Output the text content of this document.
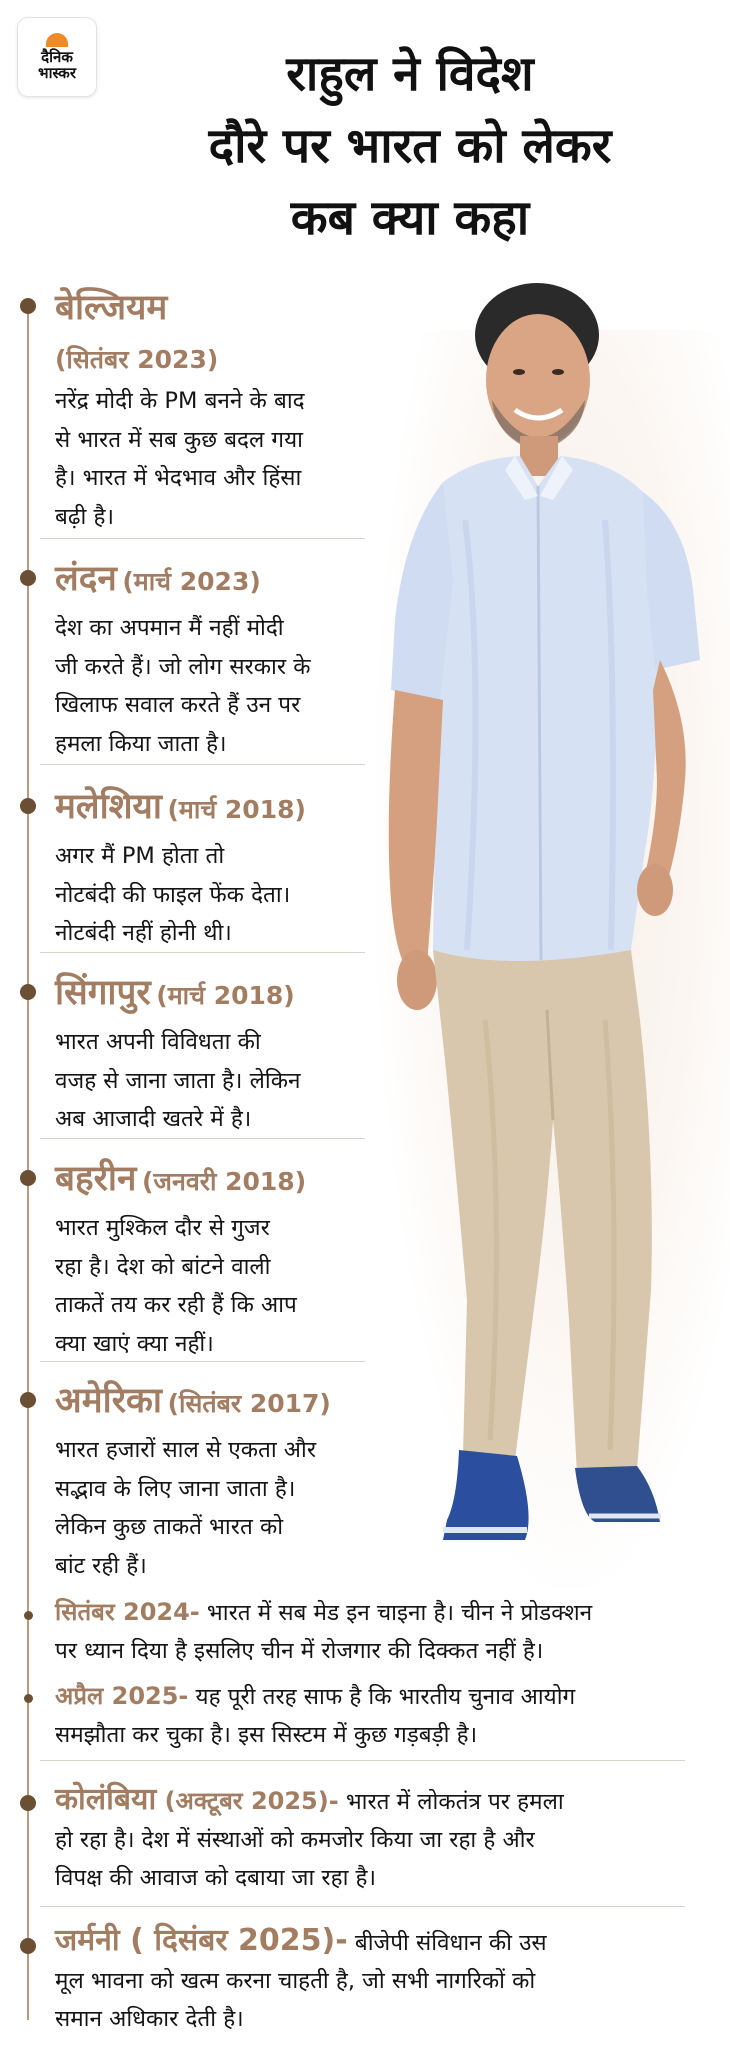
दैनिक
भास्कर	राहुल ने विदेश
दौरे पर भारत को लेकर
कब क्या कहा
बेल्जियम
(सितंबर 2023)
नरेंद्र मोदी के PM बनने के बाद
से भारत में सब कुछ बदल गया
है। भारत में भेदभाव और हिंसा
बढ़ी है।
लंदन (मार्च 2023)
देश का अपमान मैं नहीं मोदी
जी करते हैं। जो लोग सरकार के
खिलाफ सवाल करते हैं उन पर
हमला किया जाता है।
मलेशिया (मार्च 2018)
अगर मैं PM होता तो
नोटबंदी की फाइल फेंक देता।
नोटबंदी नहीं होनी थी।
सिंगापुर (मार्च 2018)
भारत अपनी विविधता की
वजह से जाना जाता है। लेकिन
अब आजादी खतरे में है।
बहरीन (जनवरी 2018)
भारत मुश्किल दौर से गुजर
रहा है। देश को बांटने वाली
ताकतें तय कर रही हैं कि आप
क्या खाएं क्या नहीं।
अमेरिका (सितंबर 2017)
भारत हजारों साल से एकता और
सद्भाव के लिए जाना जाता है।
लेकिन कुछ ताकतें भारत को
बांट रही हैं।
सितंबर 2024- भारत में सब मेड इन चाइना है। चीन ने प्रोडक्शन
पर ध्यान दिया है इसलिए चीन में रोजगार की दिक्कत नहीं है।
अप्रैल 2025- यह पूरी तरह साफ है कि भारतीय चुनाव आयोग
समझौता कर चुका है। इस सिस्टम में कुछ गड़बड़ी है।
कोलंबिया (अक्टूबर 2025)- भारत में लोकतंत्र पर हमला
हो रहा है। देश में संस्थाओं को कमजोर किया जा रहा है और
विपक्ष की आवाज को दबाया जा रहा है।
जर्मनी ( दिसंबर 2025)- बीजेपी संविधान की उस
मूल भावना को खत्म करना चाहती है, जो सभी नागरिकों को
समान अधिकार देती है।
